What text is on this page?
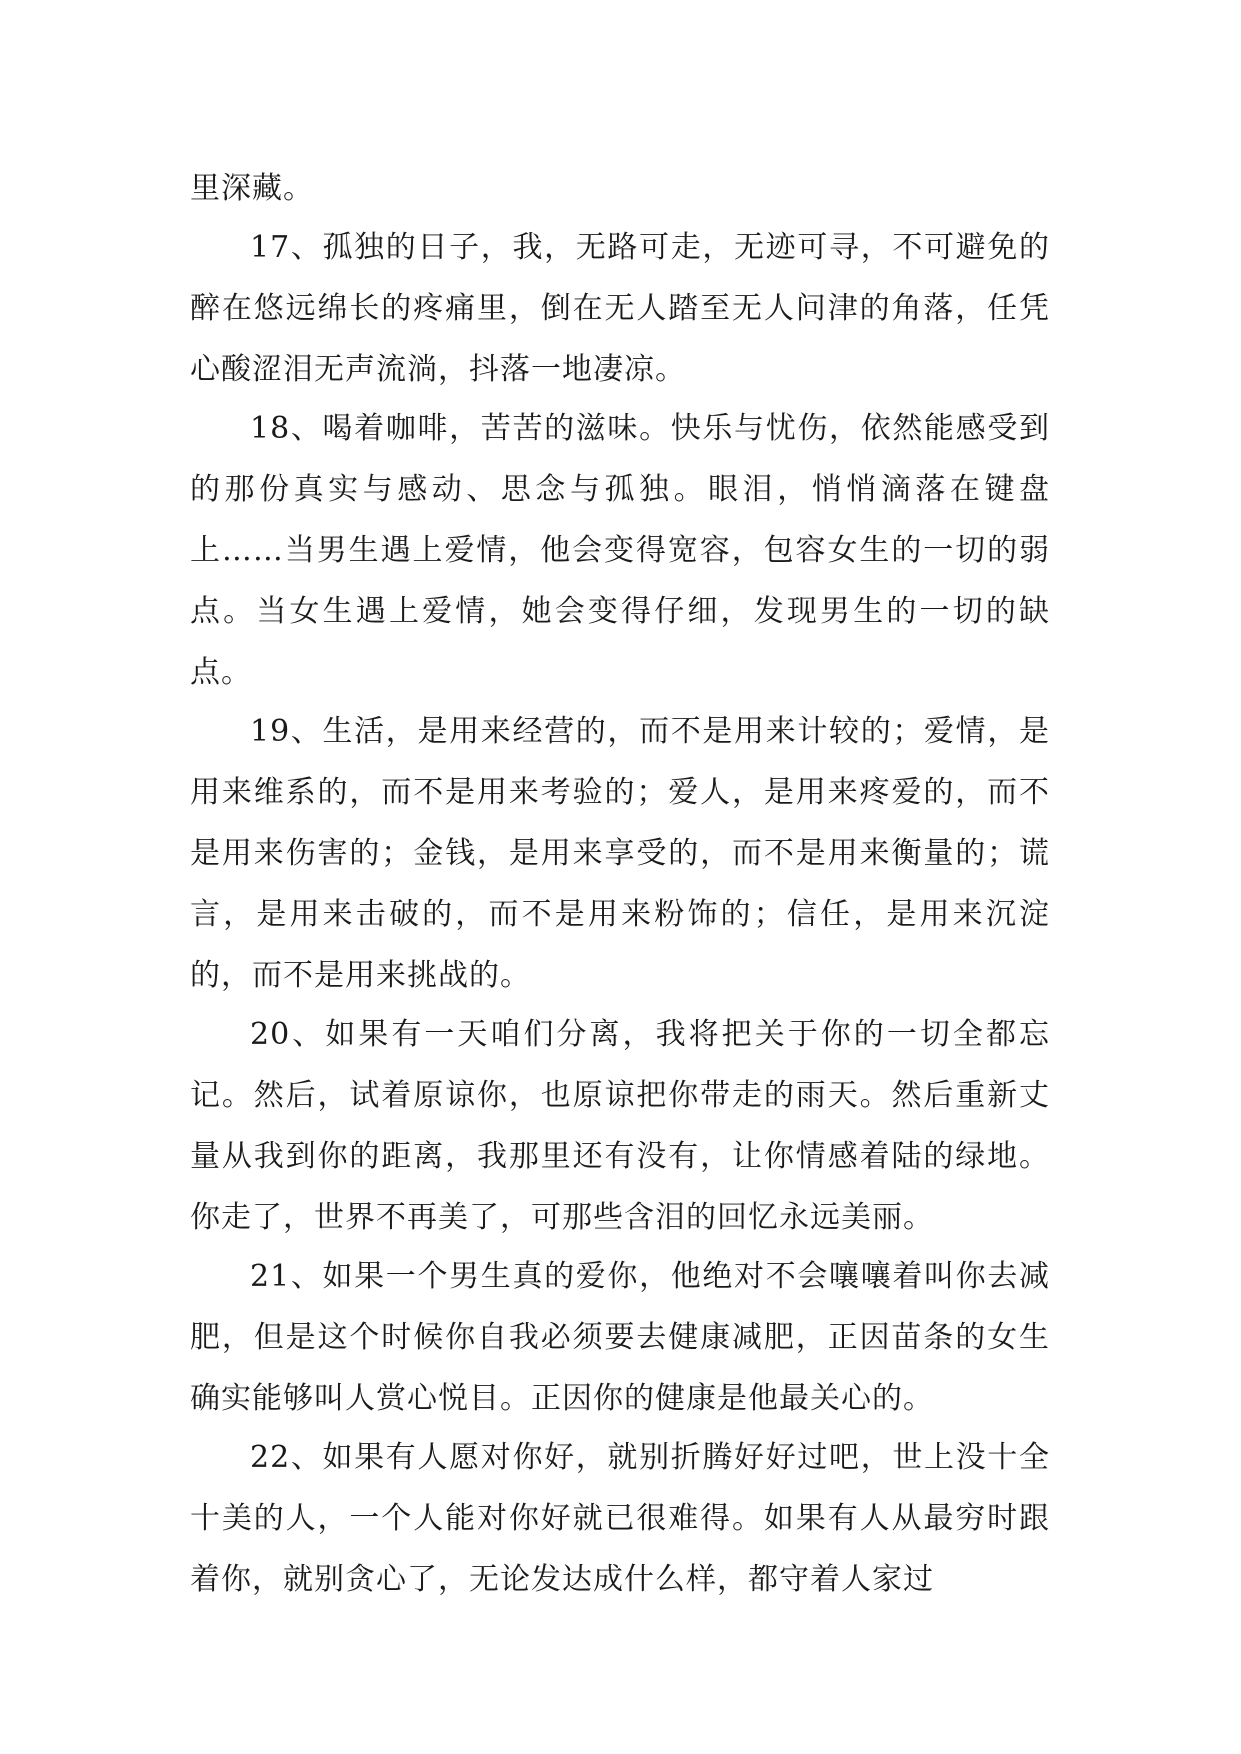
里深藏。

17、孤独的日子，我，无路可走，无迹可寻，不可避免的醉在悠远绵长的疼痛里，倒在无人踏至无人问津的角落，任凭心酸涩泪无声流淌，抖落一地凄凉。

18、喝着咖啡，苦苦的滋味。快乐与忧伤，依然能感受到的那份真实与感动、思念与孤独。眼泪，悄悄滴落在键盘上……当男生遇上爱情，他会变得宽容，包容女生的一切的弱点。当女生遇上爱情，她会变得仔细，发现男生的一切的缺点。

19、生活，是用来经营的，而不是用来计较的；爱情，是用来维系的，而不是用来考验的；爱人，是用来疼爱的，而不是用来伤害的；金钱，是用来享受的，而不是用来衡量的；谎言，是用来击破的，而不是用来粉饰的；信任，是用来沉淀的，而不是用来挑战的。

20、如果有一天咱们分离，我将把关于你的一切全都忘记。然后，试着原谅你，也原谅把你带走的雨天。然后重新丈量从我到你的距离，我那里还有没有，让你情感着陆的绿地。你走了，世界不再美了，可那些含泪的回忆永远美丽。

21、如果一个男生真的爱你，他绝对不会嚷嚷着叫你去减肥，但是这个时候你自我必须要去健康减肥，正因苗条的女生确实能够叫人赏心悦目。正因你的健康是他最关心的。

22、如果有人愿对你好，就别折腾好好过吧，世上没十全十美的人，一个人能对你好就已很难得。如果有人从最穷时跟着你，就别贪心了，无论发达成什么样，都守着人家过
